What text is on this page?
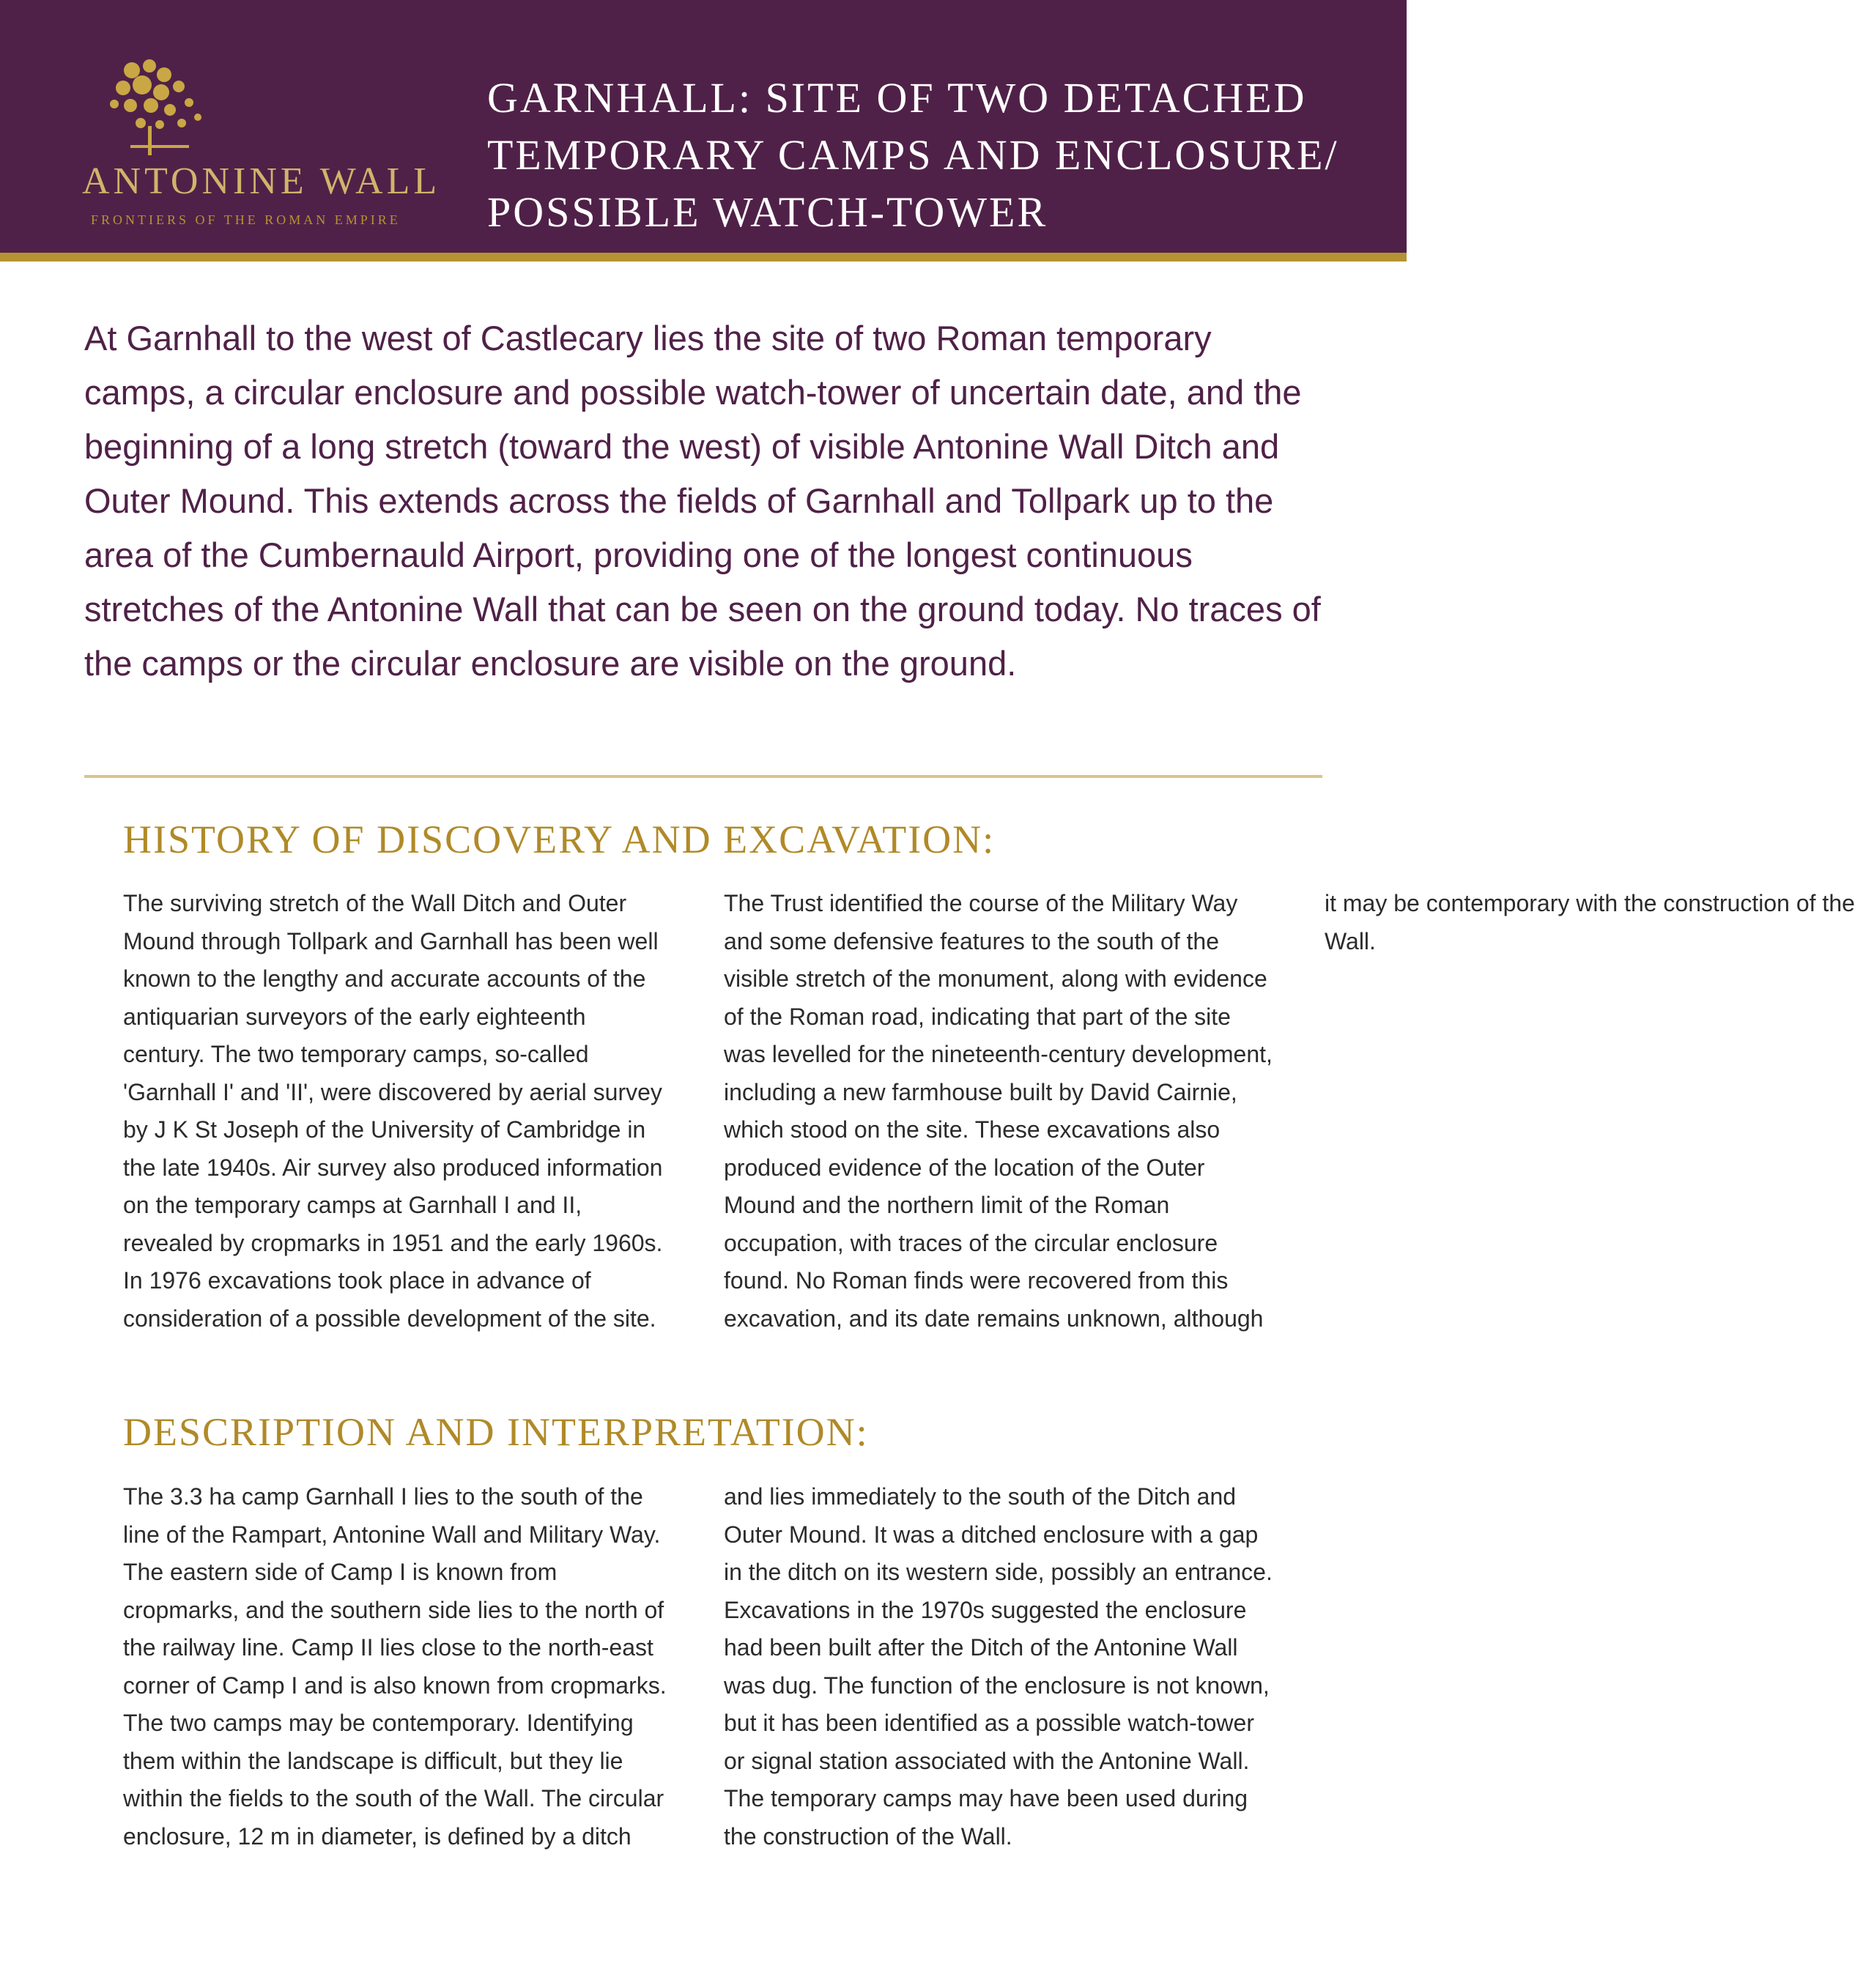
ANTONINE WALL
FRONTIERS OF THE ROMAN EMPIRE
GARNHALL: SITE OF TWO DETACHED
TEMPORARY CAMPS AND ENCLOSURE/
POSSIBLE WATCH-TOWER
At Garnhall to the west of Castlecary lies the site of two Roman temporary camps, a circular enclosure and possible watch-tower of uncertain date, and the beginning of a long stretch (toward the west) of visible Antonine Wall Ditch and Outer Mound. This extends across the fields of Garnhall and Tollpark up to the area of the Cumbernauld Airport, providing one of the longest continuous stretches of the Antonine Wall that can be seen on the ground today. No traces of the camps or the circular enclosure are visible on the ground.
HISTORY OF DISCOVERY AND EXCAVATION:

The surviving stretch of the Wall Ditch and Outer Mound through Tollpark and Garnhall has been well known to the lengthy and accurate accounts of the antiquarian surveyors of the early eighteenth century. The two temporary camps, so-called 'Garnhall I' and 'II', were discovered by aerial survey by J K St Joseph of the University of Cambridge in the late 1940s. Air survey also produced information on the temporary camps at Garnhall I and II, revealed by cropmarks in 1951 and the early 1960s. In 1976 excavations took place in advance of consideration of a possible development of the site. The Trust identified the course of the Military Way and some defensive features to the south of the visible stretch of the monument, along with evidence of the Roman road, indicating that part of the site was levelled for the nineteenth-century development, including a new farmhouse built by David Cairnie, which stood on the site. These excavations also produced evidence of the location of the Outer Mound and the northern limit of the Roman occupation, with traces of the circular enclosure found. No Roman finds were recovered from this excavation, and its date remains unknown, although it may be contemporary with the construction of the Wall.

DESCRIPTION AND INTERPRETATION:

The 3.3 ha camp Garnhall I lies to the south of the line of the Rampart, Antonine Wall and Military Way. The eastern side of Camp I is known from cropmarks, and the southern side lies to the north of the railway line. Camp II lies close to the north-east corner of Camp I and is also known from cropmarks. The two camps may be contemporary. Identifying them within the landscape is difficult, but they lie within the fields to the south of the Wall. The circular enclosure, 12 m in diameter, is defined by a ditch and lies immediately to the south of the Ditch and Outer Mound. It was a ditched enclosure with a gap in the ditch on its western side, possibly an entrance. Excavations in the 1970s suggested the enclosure had been built after the Ditch of the Antonine Wall was dug. The function of the enclosure is not known, but it has been identified as a possible watch-tower or signal station associated with the Antonine Wall. The temporary camps may have been used during the construction of the Wall.
